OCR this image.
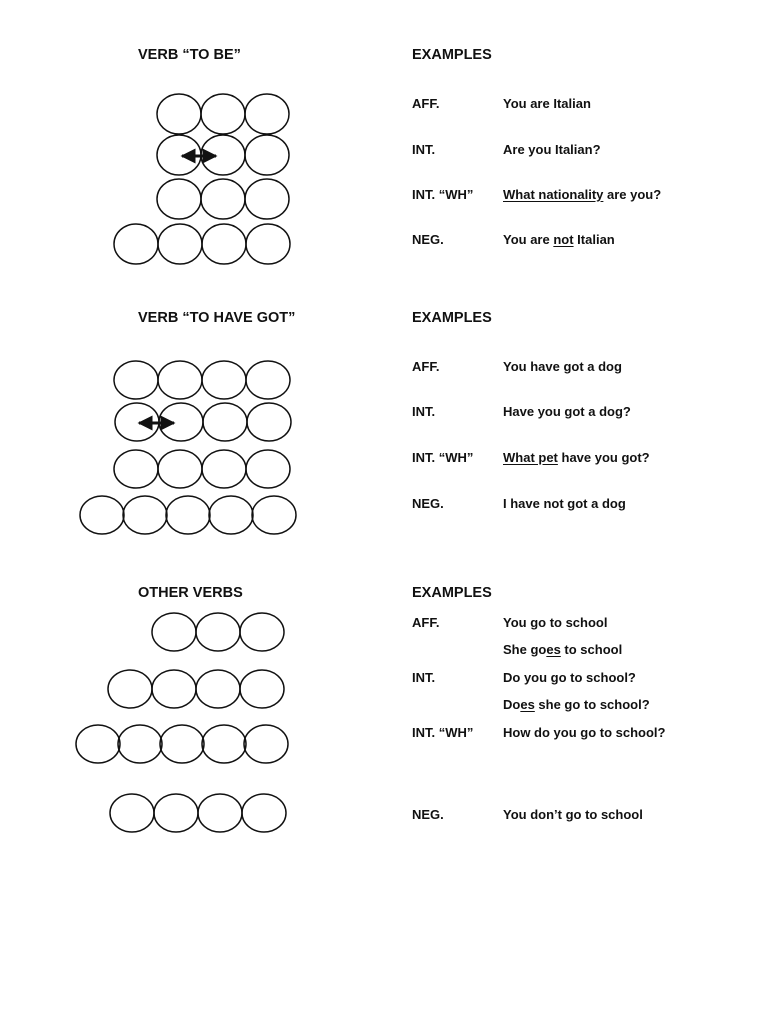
VERB “TO BE”	EXAMPLES
AFF.	You are Italian
INT.	Are you Italian?
INT. “WH” What nationality are you?
NEG.	You are not Italian
VERB “TO HAVE GOT”	EXAMPLES
AFF.	You have got a dog
INT.	Have you got a dog?
INT. “WH” What pet have you got?
NEG.	I have not got a dog
OTHER VERBS	EXAMPLES
AFF.	You go to school
She goes to school
INT.	Do you go to school?
Does she go to school?
INT. “WH” How do you go to school?
NEG.	You don’t go to school
